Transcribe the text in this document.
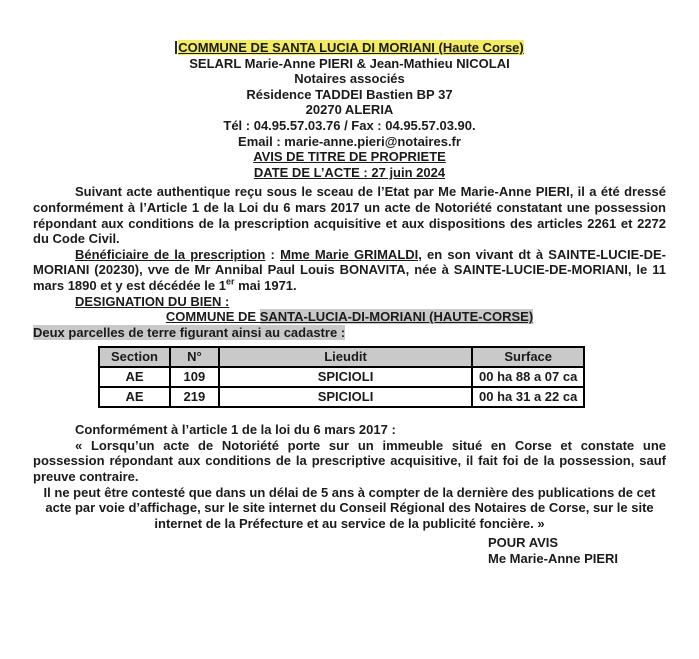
COMMUNE DE SANTA LUCIA DI MORIANI (Haute Corse)
SELARL Marie-Anne PIERI & Jean-Mathieu NICOLAI
Notaires associés
Résidence TADDEI Bastien BP 37
20270 ALERIA
Tél : 04.95.57.03.76 / Fax : 04.95.57.03.90.
Email : marie-anne.pieri@notaires.fr
AVIS DE TITRE DE PROPRIETE
DATE DE L’ACTE : 27 juin 2024

Suivant acte authentique reçu sous le sceau de l’Etat par Me Marie-Anne PIERI, il a été dressé conformément à l’Article 1 de la Loi du 6 mars 2017 un acte de Notoriété constatant une possession répondant aux conditions de la prescription acquisitive et aux dispositions des articles 2261 et 2272 du Code Civil.

Bénéficiaire de la prescription : Mme Marie GRIMALDI, en son vivant dt à SAINTE-LUCIE-DE-MORIANI (20230), vve de Mr Annibal Paul Louis BONAVITA, née à SAINTE-LUCIE-DE-MORIANI, le 11 mars 1890 et y est décédée le 1er mai 1971.

DESIGNATION DU BIEN :

COMMUNE DE SANTA-LUCIA-DI-MORIANI (HAUTE-CORSE)
Deux parcelles de terre figurant ainsi au cadastre :
Section	N°	Lieudit	Surface
AE	109	SPICIOLI	00 ha 88 a 07 ca
AE	219	SPICIOLI	00 ha 31 a 22 ca

Conformément à l’article 1 de la loi du 6 mars 2017 :

« Lorsqu’un acte de Notoriété porte sur un immeuble situé en Corse et constate une possession répondant aux conditions de la prescriptive acquisitive, il fait foi de la possession, sauf preuve contraire.

Il ne peut être contesté que dans un délai de 5 ans à compter de la dernière des publications de cet acte par voie d’affichage, sur le site internet du Conseil Régional des Notaires de Corse, sur le site internet de la Préfecture et au service de la publicité foncière. »

POUR AVIS
Me Marie-Anne PIERI
